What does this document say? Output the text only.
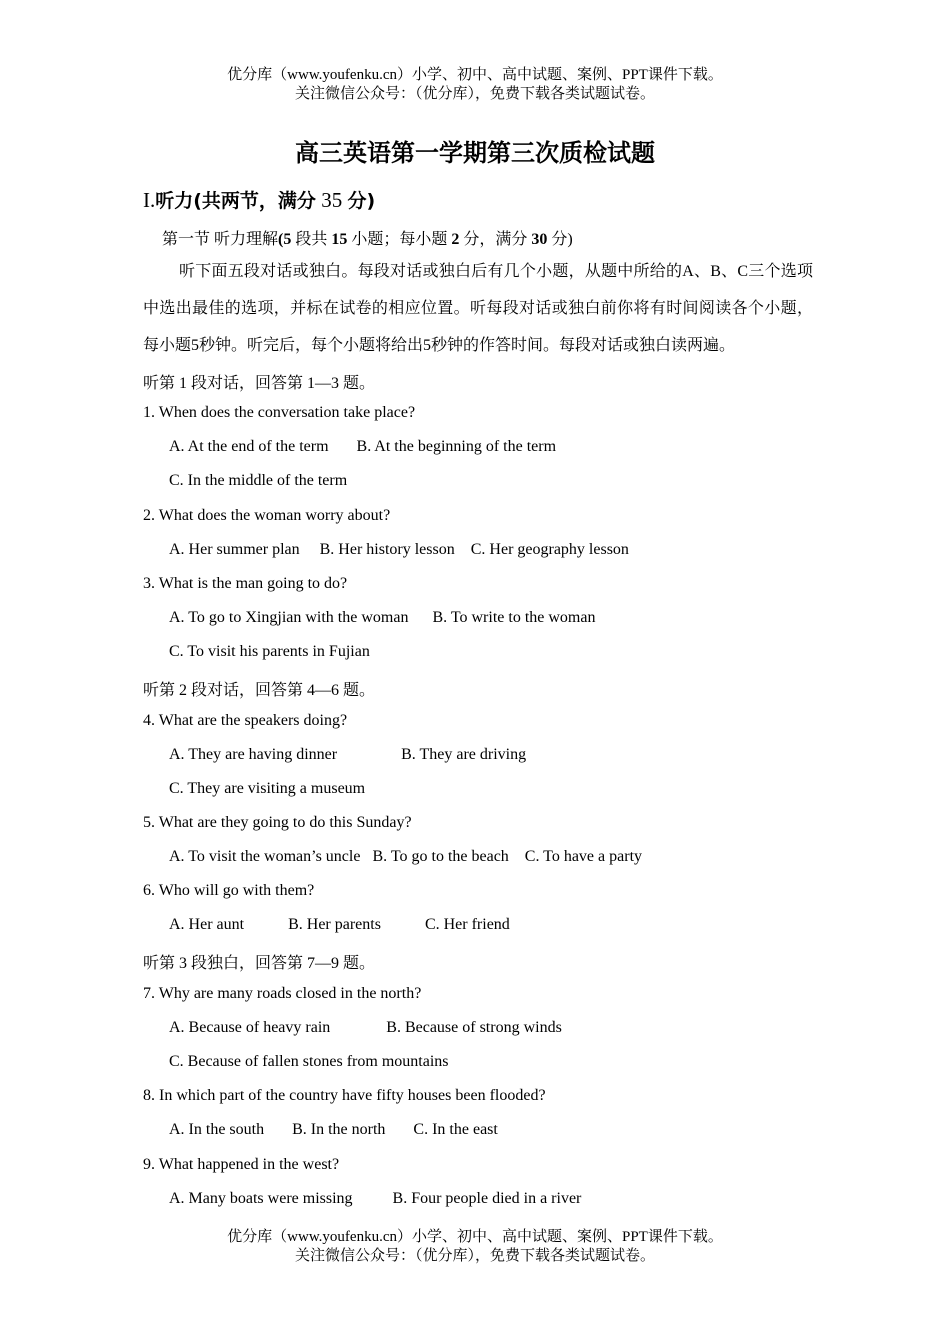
优分库（www.youfenku.cn）小学、初中、高中试题、案例、PPT课件下载。
关注微信公众号：（优分库），免费下载各类试题试卷。
高三英语第一学期第三次质检试题
I.听力(共两节，满分 35 分)
第一节 听力理解(5 段共 15 小题；每小题 2 分，满分 30 分)
听下面五段对话或独白。每段对话或独白后有几个小题，从题中所给的A、B、C三个选项中选出最佳的选项，并标在试卷的相应位置。听每段对话或独白前你将有时间阅读各个小题，每小题5秒钟。听完后，每个小题将给出5秒钟的作答时间。每段对话或独白读两遍。
听第 1 段对话，回答第 1—3 题。
1. When does the conversation take place?
A. At the end of the term       B. At the beginning of the term
C. In the middle of the term
2. What does the woman worry about?
A. Her summer plan     B. Her history lesson    C. Her geography lesson
3. What is the man going to do?
A. To go to Xingjian with the woman      B. To write to the woman
C. To visit his parents in Fujian
听第 2 段对话，回答第 4—6 题。
4. What are the speakers doing?
A. They are having dinner                B. They are driving
C. They are visiting a museum
5. What are they going to do this Sunday?
A. To visit the woman’s uncle   B. To go to the beach    C. To have a party
6. Who will go with them?
A. Her aunt           B. Her parents           C. Her friend
听第 3 段独白，回答第 7—9 题。
7. Why are many roads closed in the north?
A. Because of heavy rain              B. Because of strong winds
C. Because of fallen stones from mountains
8. In which part of the country have fifty houses been flooded?
A. In the south       B. In the north       C. In the east
9. What happened in the west?
A. Many boats were missing          B. Four people died in a river
优分库（www.youfenku.cn）小学、初中、高中试题、案例、PPT课件下载。
关注微信公众号：（优分库），免费下载各类试题试卷。
